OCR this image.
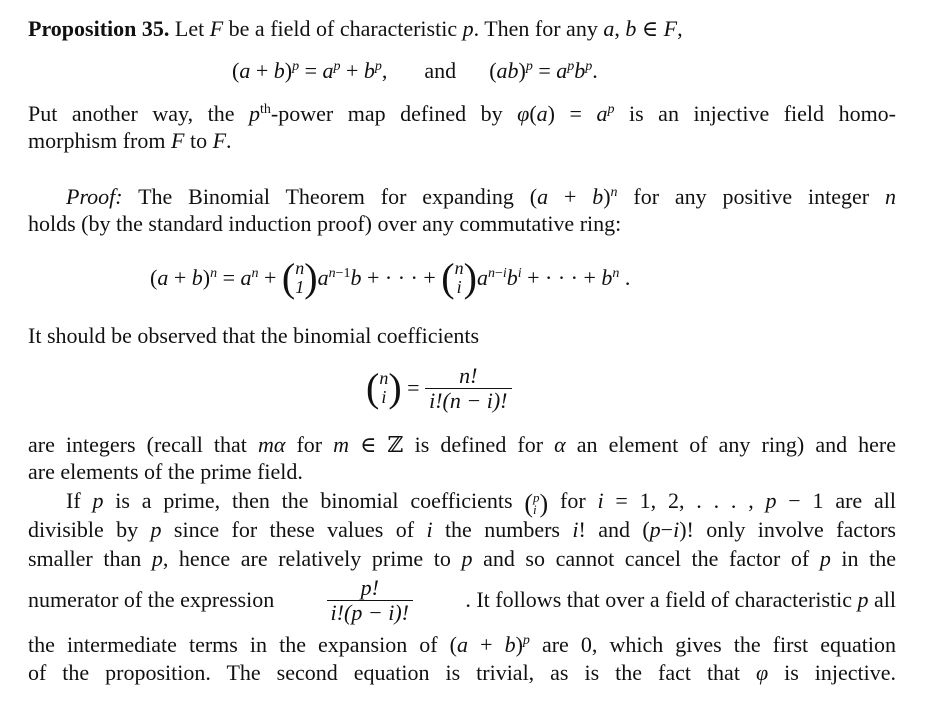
Proposition 35. Let F be a field of characteristic p. Then for any a, b ∈ F,
$(a + b)^p = a^p + b^p$, and $(ab)^p = a^pb^p$.
Put another way, the $p^{th}$-power map defined by $\varphi(a) = a^p$ is an injective field homo-
morphism from F to F.
Proof: The Binomial Theorem for expanding $(a + b)^n$ for any positive integer n
holds (by the standard induction proof) over any commutative ring:
$(a + b)^n = a^n + (n$
1) $a^{n-1}b$ + · · · + (n
i) $a^{n-i}b^i$ + · · · + $b^n$ .
It should be observed that the binomial coefficients
(n
$i) = \frac{n!}{i!(n - i)!}$
are integers (recall that mα for m ∈ ℤ is defined for α an element of any ring) and here
are elements of the prime field.
If p is a prime, then the binomial coefficients (p
i ) for i = 1, 2, . . . , p − 1 are all
divisible by p since for these values of i the numbers i! and (p−i)! only involve factors
smaller than p, hence are relatively prime to p and so cannot cancel the factor of p in the
numerator of the expression $\frac{p!}{i!(p - i)!}$ . It follows that over a field of characteristic p all
the intermediate terms in the expansion of $(a + b)^p$ are 0, which gives the first equation
of the proposition. The second equation is trivial, as is the fact that φ is injective.
